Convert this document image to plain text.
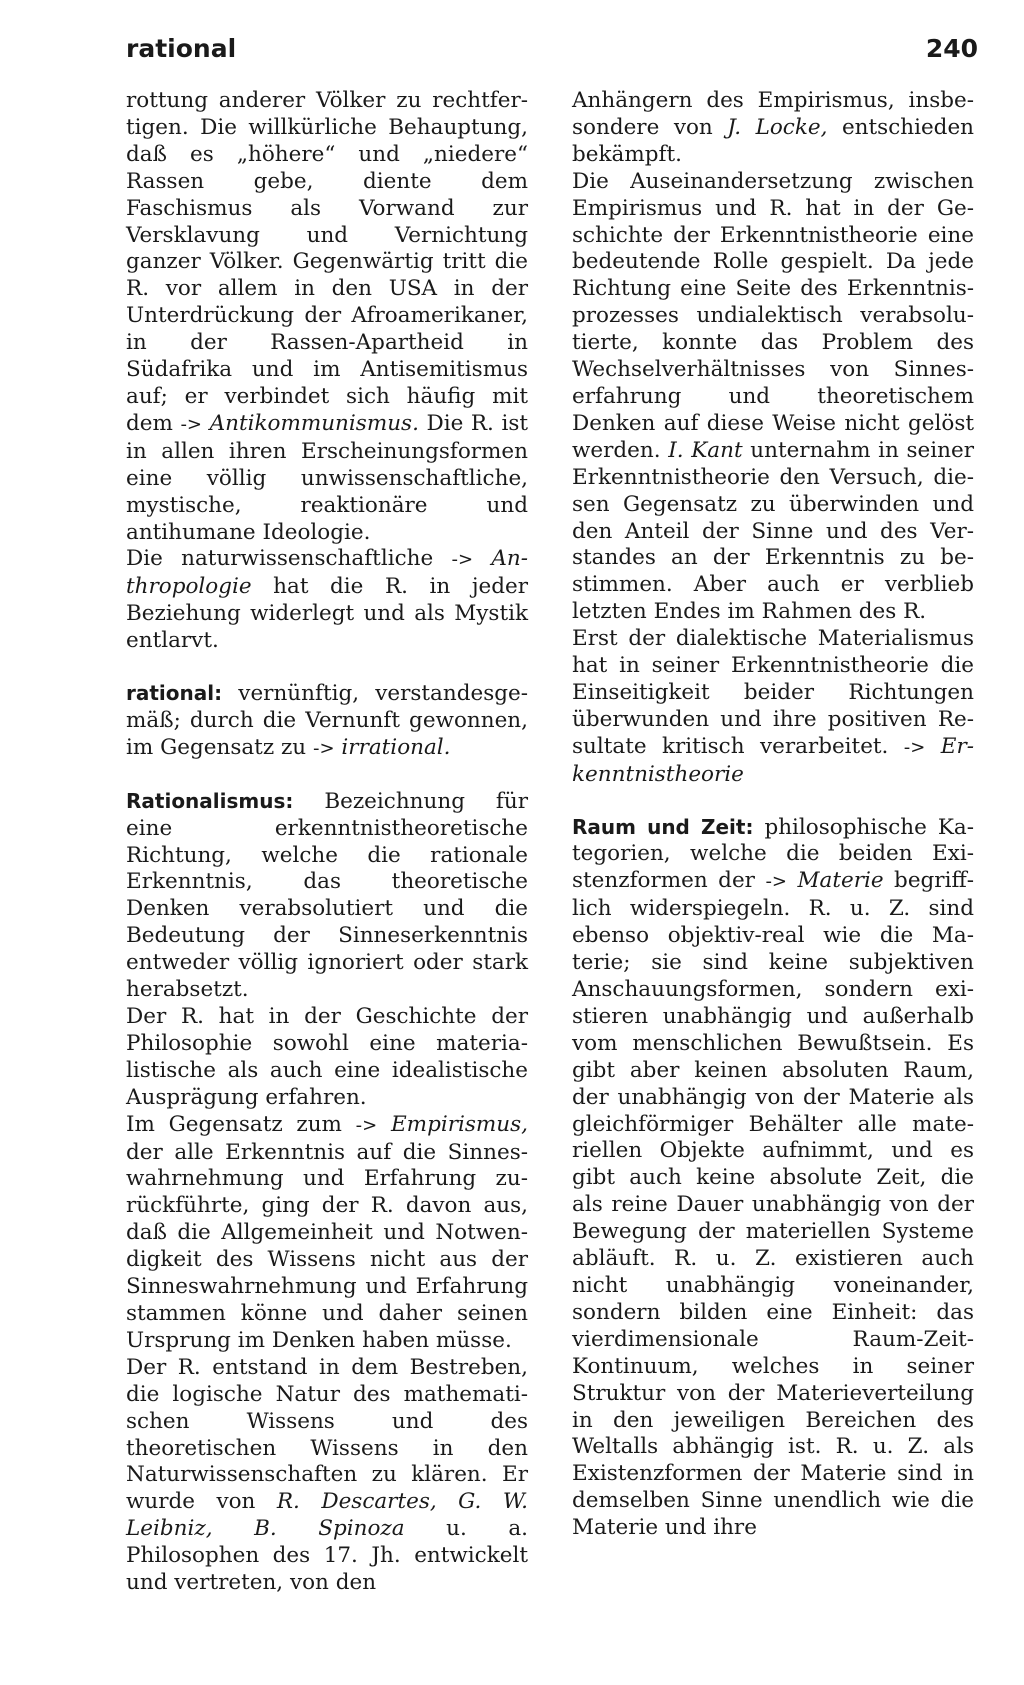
rational	240

rottung anderer Völker zu rechtfertigen. Die willkürliche Behauptung, daß es „höhere“ und „niedere“ Rassen gebe, diente dem Faschismus als Vorwand zur Versklavung und Vernichtung ganzer Völker. Gegenwärtig tritt die R. vor allem in den USA in der Unterdrückung der Afroamerikaner, in der Rassen-Apartheid in Südafrika und im Antisemitismus auf; er verbindet sich häufig mit dem -> Antikommunismus. Die R. ist in allen ihren Erscheinungsformen eine völlig unwissenschaftliche, mystische, reaktionäre und antihumane Ideologie.

Die naturwissenschaftliche -> Anthropologie hat die R. in jeder Beziehung widerlegt und als Mystik entlarvt.

rational: vernünftig, verstandesgemäß; durch die Vernunft gewonnen, im Gegensatz zu -> irrational.

Rationalismus: Bezeichnung für eine erkenntnistheoretische Richtung, welche die rationale Erkenntnis, das theoretische Denken verabsolutiert und die Bedeutung der Sinneserkenntnis entweder völlig ignoriert oder stark herabsetzt.

Der R. hat in der Geschichte der Philosophie sowohl eine materialistische als auch eine idealistische Ausprägung erfahren.

Im Gegensatz zum -> Empirismus, der alle Erkenntnis auf die Sinneswahrnehmung und Erfahrung zurückführte, ging der R. davon aus, daß die Allgemeinheit und Notwendigkeit des Wissens nicht aus der Sinneswahrnehmung und Erfahrung stammen könne und daher seinen Ursprung im Denken haben müsse.

Der R. entstand in dem Bestreben, die logische Natur des mathematischen Wissens und des theoretischen Wissens in den Naturwissenschaften zu klären. Er wurde von R. Descartes, G. W. Leibniz, B. Spinoza u. a. Philosophen des 17. Jh. entwickelt und vertreten, von den

Anhängern des Empirismus, insbesondere von J. Locke, entschieden bekämpft.

Die Auseinandersetzung zwischen Empirismus und R. hat in der Geschichte der Erkenntnistheorie eine bedeutende Rolle gespielt. Da jede Richtung eine Seite des Erkenntnisprozesses undialektisch verabsolutierte, konnte das Problem des Wechselverhältnisses von Sinneserfahrung und theoretischem Denken auf diese Weise nicht gelöst werden. I. Kant unternahm in seiner Erkenntnistheorie den Versuch, diesen Gegensatz zu überwinden und den Anteil der Sinne und des Verstandes an der Erkenntnis zu bestimmen. Aber auch er verblieb letzten Endes im Rahmen des R.

Erst der dialektische Materialismus hat in seiner Erkenntnistheorie die Einseitigkeit beider Richtungen überwunden und ihre positiven Resultate kritisch verarbeitet. -> Erkenntnistheorie

Raum und Zeit: philosophische Kategorien, welche die beiden Existenzformen der -> Materie begrifflich widerspiegeln. R. u. Z. sind ebenso objektiv-real wie die Materie; sie sind keine subjektiven Anschauungsformen, sondern existieren unabhängig und außerhalb vom menschlichen Bewußtsein. Es gibt aber keinen absoluten Raum, der unabhängig von der Materie als gleichförmiger Behälter alle materiellen Objekte aufnimmt, und es gibt auch keine absolute Zeit, die als reine Dauer unabhängig von der Bewegung der materiellen Systeme abläuft. R. u. Z. existieren auch nicht unabhängig voneinander, sondern bilden eine Einheit: das vierdimensionale Raum-Zeit-Kontinuum, welches in seiner Struktur von der Materieverteilung in den jeweiligen Bereichen des Weltalls abhängig ist. R. u. Z. als Existenzformen der Materie sind in demselben Sinne unendlich wie die Materie und ihre
